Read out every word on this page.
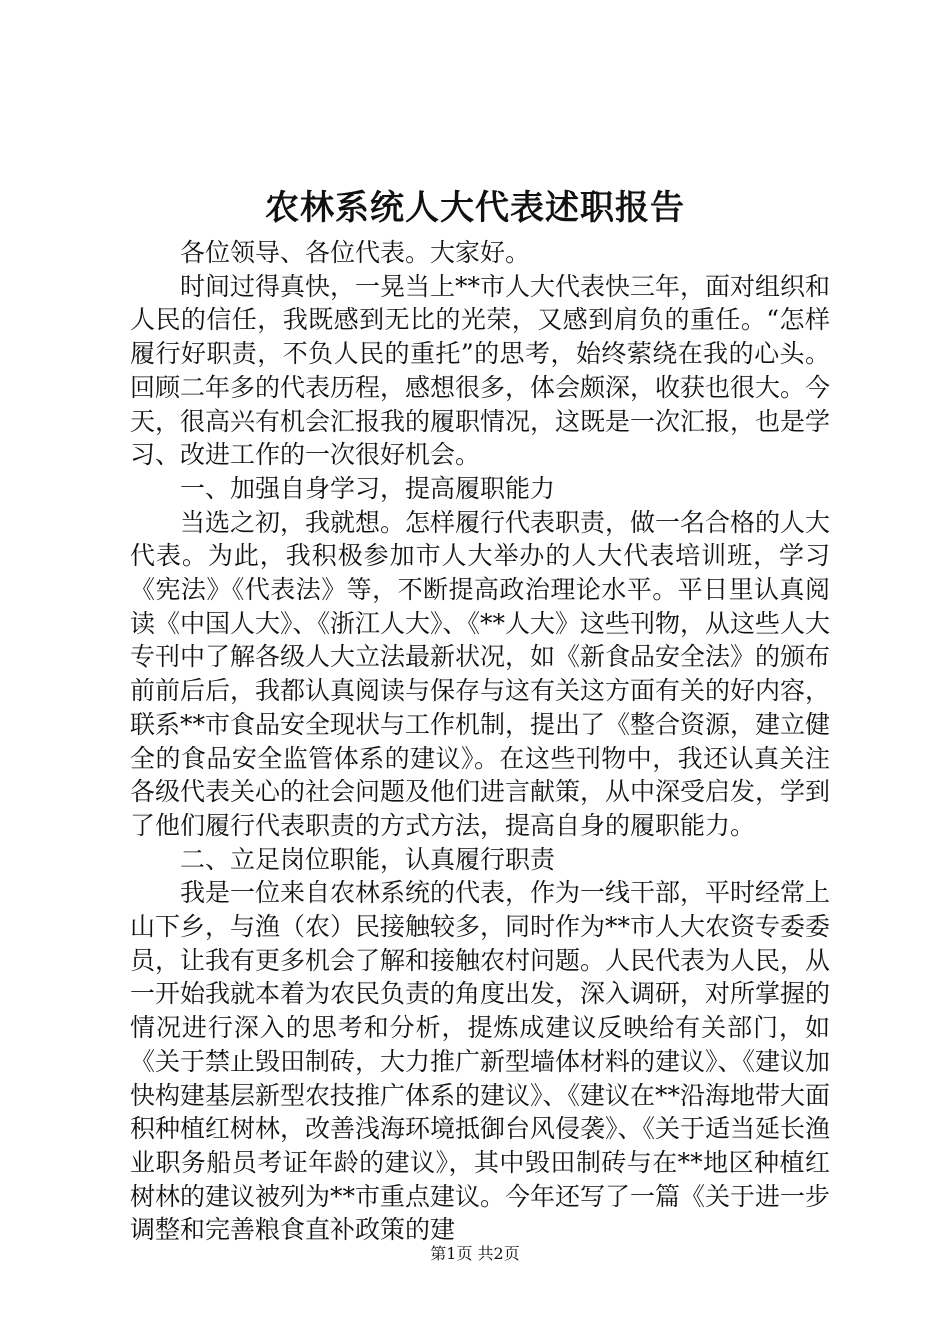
农林系统人大代表述职报告

各位领导、各位代表。大家好。

时间过得真快，一晃当上**市人大代表快三年，面对组织和人民的信任，我既感到无比的光荣，又感到肩负的重任。“怎样履行好职责，不负人民的重托”的思考，始终萦绕在我的心头。回顾二年多的代表历程，感想很多，体会颇深，收获也很大。今天，很高兴有机会汇报我的履职情况，这既是一次汇报，也是学习、改进工作的一次很好机会。

一、加强自身学习，提高履职能力

当选之初，我就想。怎样履行代表职责，做一名合格的人大代表。为此，我积极参加市人大举办的人大代表培训班，学习《宪法》《代表法》等，不断提高政治理论水平。平日里认真阅读《中国人大》、《浙江人大》、《**人大》这些刊物，从这些人大专刊中了解各级人大立法最新状况，如《新食品安全法》的颁布前前后后，我都认真阅读与保存与这有关这方面有关的好内容，联系**市食品安全现状与工作机制，提出了《整合资源，建立健全的食品安全监管体系的建议》。在这些刊物中，我还认真关注各级代表关心的社会问题及他们进言献策，从中深受启发，学到了他们履行代表职责的方式方法，提高自身的履职能力。

二、立足岗位职能，认真履行职责

我是一位来自农林系统的代表，作为一线干部，平时经常上山下乡，与渔（农）民接触较多，同时作为**市人大农资专委委员，让我有更多机会了解和接触农村问题。人民代表为人民，从一开始我就本着为农民负责的角度出发，深入调研，对所掌握的情况进行深入的思考和分析，提炼成建议反映给有关部门，如《关于禁止毁田制砖，大力推广新型墙体材料的建议》、《建议加快构建基层新型农技推广体系的建议》、《建议在**沿海地带大面积种植红树林，改善浅海环境抵御台风侵袭》、《关于适当延长渔业职务船员考证年龄的建议》，其中毁田制砖与在**地区种植红树林的建议被列为**市重点建议。今年还写了一篇《关于进一步调整和完善粮食直补政策的建

第1页 共2页
